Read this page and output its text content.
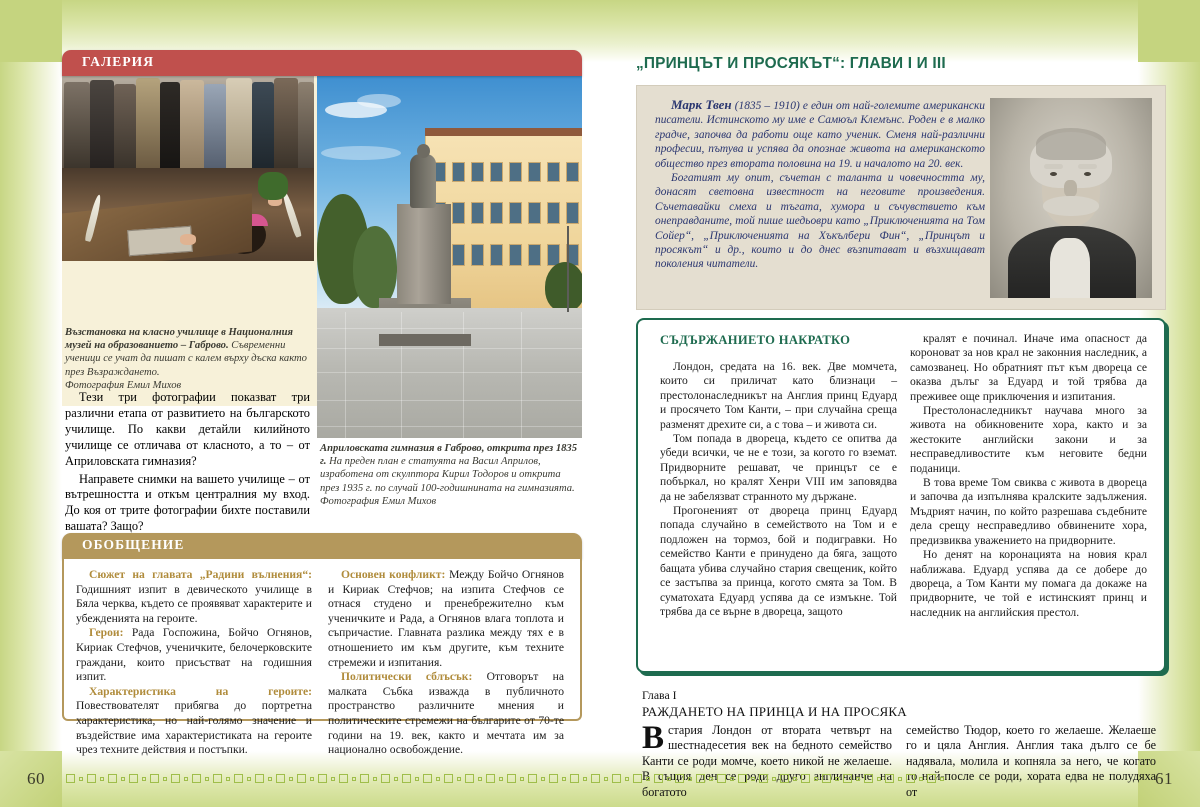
ГАЛЕРИЯ
Възстановка на класно училище в Националния музей на образованието – Габрово. Съвременни ученици се учат да пишат с калем върху дъска както през Възраждането.
Фотография Емил Михов
Априловската гимназия в Габрово, открита през 1835 г. На преден план е статуята на Васил Априлов, изработена от скулптора Кирил Тодоров и открита през 1935 г. по случай 100-годишнината на гимназията.
Фотография Емил Михов

Тези три фотографии показват три различни етапа от развитието на българското училище. По какви детайли килийното училище се отличава от класното, а то – от Априловската гимназия?

Направете снимки на вашето училище – от вътрешността и откъм централния му вход. До коя от трите фотографии бихте поставили вашата? Защо?

ОБОБЩЕНИЕ

Сюжет на главата „Радини вълнения“: Годишният изпит в девическото училище в Бяла черква, където се проявяват характерите и убежденията на героите.

Герои: Рада Госпожина, Бойчо Огнянов, Кириак Стефчов, ученичките, белочерковските граждани, които присъстват на годишния изпит.

Характеристика на героите: Повествователят прибягва до портретна характеристика, но най-голямо значение и въздействие има характеристиката на героите чрез техните действия и постъпки.

Основен конфликт: Между Бойчо Огнянов и Кириак Стефчов; на изпита Стефчов се отнася студено и пренебрежително към ученичките и Рада, а Огнянов влага топлота и съпричастие. Главната разлика между тях е в отношението им към другите, към техните стремежи и изпитания.

Политически сблъсък: Отговорът на малката Събка изважда в публичното пространство различните мнения и политическите стремежи на българите от 70-те години на 19. век, както и мечтата им за национално освобождение.

„ПРИНЦЪТ И ПРОСЯКЪТ“: ГЛАВИ I И III

Марк Твен (1835 – 1910) е един от най-големите американски писатели. Истинското му име е Самюъл Клемънс. Роден е в малко градче, започва да работи още като ученик. Сменя най-различни професии, пътува и успява да опознае живота на американското общество през втората половина на 19. и началото на 20. век.

Богатият му опит, съчетан с таланта и човечността му, донасят световна известност на неговите произведения. Съчетавайки смеха и тъгата, хумора и съчувствието към онеправданите, той пише шедьоври като „Приключенията на Том Сойер“, „Приключенията на Хъкълбери Фин“, „Принцът и просякът“ и др., които и до днес възпитават и възхищават поколения читатели.

СЪДЪРЖАНИЕТО НАКРАТКО

Лондон, средата на 16. век. Две момчета, които си приличат като близнаци – престолонаследникът на Англия принц Едуард и просячето Том Канти, – при случайна среща разменят дрехите си, а с това – и живота си.

Том попада в двореца, където се опитва да убеди всички, че не е този, за когото го вземат. Придворните решават, че принцът се е побъркал, но кралят Хенри VIII им заповядва да не забелязват странното му държане.

Прогоненият от двореца принц Едуард попада случайно в семейството на Том и е подложен на тормоз, бой и подигравки. Но семейство Канти е принудено да бяга, защото бащата убива случайно стария свещеник, който се застъпва за принца, когото смята за Том. В суматохата Едуард успява да се измъкне. Той трябва да се върне в двореца, защото

кралят е починал. Иначе има опасност да короноват за нов крал не законния наследник, а самозванец. Но обратният път към двореца се оказва дълъг за Едуард и той трябва да преживее още приключения и изпитания.

Престолонаследникът научава много за живота на обикновените хора, както и за жестоките английски закони и за несправедливостите към неговите бедни поданици.

В това време Том свиква с живота в двореца и започва да изпълнява кралските задължения. Мъдрият начин, по който разрешава съдебните дела срещу несправедливо обвинените хора, предизвиква уважението на придворните.

Но денят на коронацията на новия крал наближава. Едуард успява да се добере до двореца, а Том Канти му помага да докаже на придворните, че той е истинският принц и наследник на английския престол.

Глава I
РАЖДАНЕТО НА ПРИНЦА И НА ПРОСЯКА
Встария Лондон от втората четвърт на шестнадесетия век на бедното семейство Канти се роди момче, което никой не желаеше. В същия ден се роди друго англичанче на богатото
семейство Тюдор, което го желаеше. Желаеше го и цяла Англия. Англия така дълго се бе надявала, молила и копняла за него, че когато то най-после се роди, хората едва не полудяха от
60	61
